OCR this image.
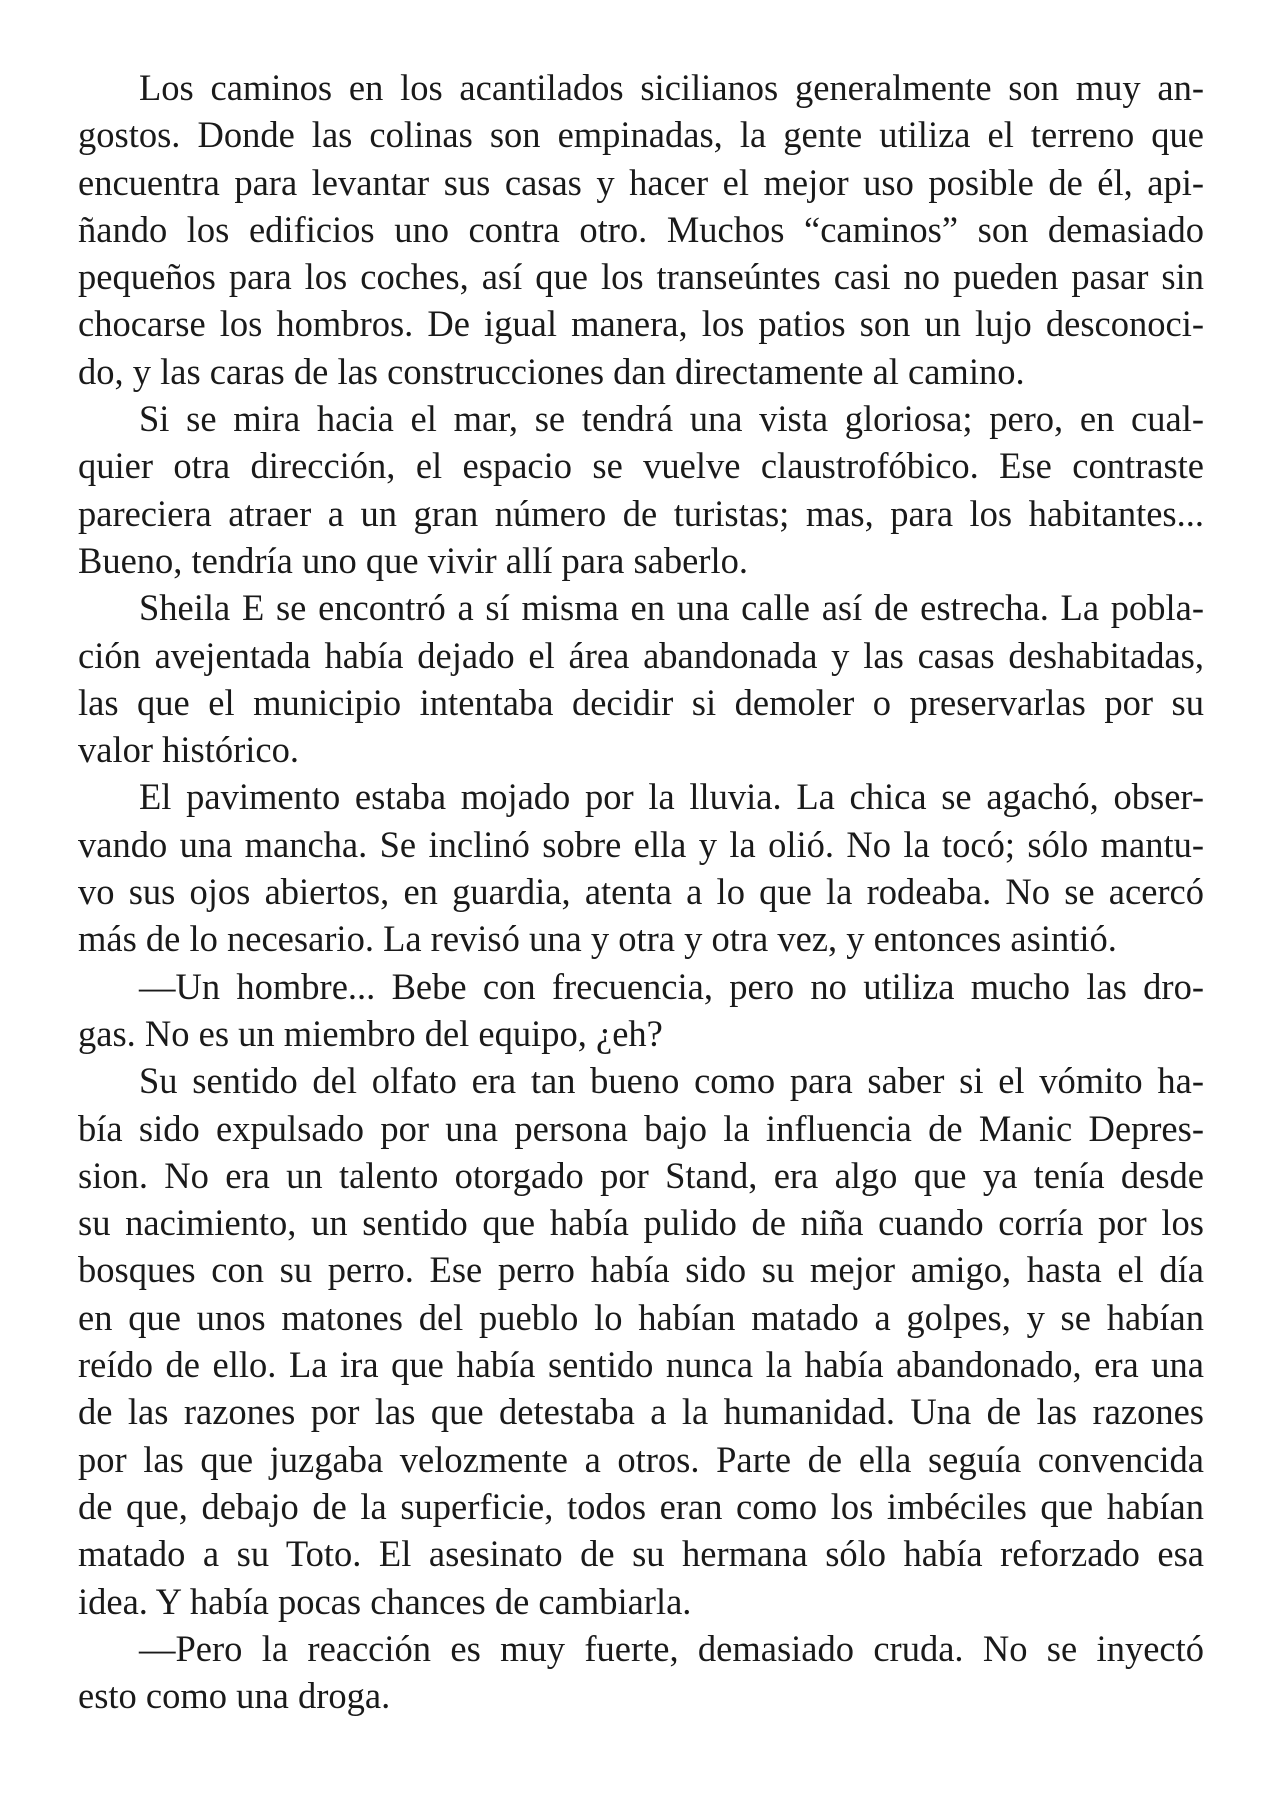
Los caminos en los acantilados sicilianos generalmente son muy an-
gostos. Donde las colinas son empinadas, la gente utiliza el terreno que
encuentra para levantar sus casas y hacer el mejor uso posible de él, api-
ñando los edificios uno contra otro. Muchos “caminos” son demasiado
pequeños para los coches, así que los transeúntes casi no pueden pasar sin
chocarse los hombros. De igual manera, los patios son un lujo desconoci-
do, y las caras de las construcciones dan directamente al camino.
Si se mira hacia el mar, se tendrá una vista gloriosa; pero, en cual-
quier otra dirección, el espacio se vuelve claustrofóbico. Ese contraste
pareciera atraer a un gran número de turistas; mas, para los habitantes...
Bueno, tendría uno que vivir allí para saberlo.
Sheila E se encontró a sí misma en una calle así de estrecha. La pobla-
ción avejentada había dejado el área abandonada y las casas deshabitadas,
las que el municipio intentaba decidir si demoler o preservarlas por su
valor histórico.
El pavimento estaba mojado por la lluvia. La chica se agachó, obser-
vando una mancha. Se inclinó sobre ella y la olió. No la tocó; sólo mantu-
vo sus ojos abiertos, en guardia, atenta a lo que la rodeaba. No se acercó
más de lo necesario. La revisó una y otra y otra vez, y entonces asintió.
—Un hombre... Bebe con frecuencia, pero no utiliza mucho las dro-
gas. No es un miembro del equipo, ¿eh?
Su sentido del olfato era tan bueno como para saber si el vómito ha-
bía sido expulsado por una persona bajo la influencia de Manic Depres-
sion. No era un talento otorgado por Stand, era algo que ya tenía desde
su nacimiento, un sentido que había pulido de niña cuando corría por los
bosques con su perro. Ese perro había sido su mejor amigo, hasta el día
en que unos matones del pueblo lo habían matado a golpes, y se habían
reído de ello. La ira que había sentido nunca la había abandonado, era una
de las razones por las que detestaba a la humanidad. Una de las razones
por las que juzgaba velozmente a otros. Parte de ella seguía convencida
de que, debajo de la superficie, todos eran como los imbéciles que habían
matado a su Toto. El asesinato de su hermana sólo había reforzado esa
idea. Y había pocas chances de cambiarla.
—Pero la reacción es muy fuerte, demasiado cruda. No se inyectó
esto como una droga.
